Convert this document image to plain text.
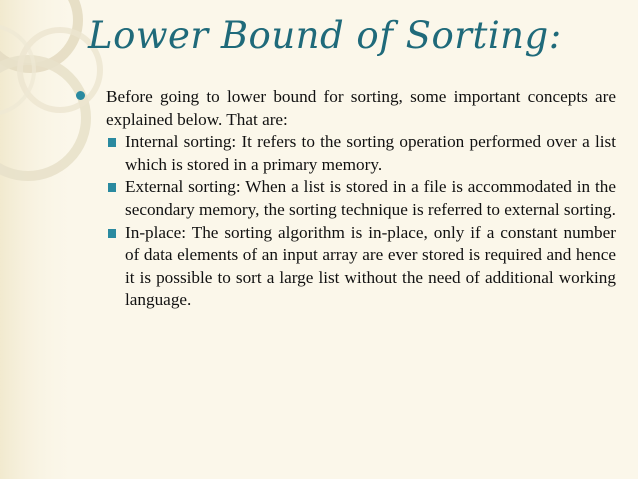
Lower Bound of Sorting:
Before going to lower bound for sorting, some important concepts are explained below. That are:
Internal sorting: It refers to the sorting operation performed over a list which is stored in a primary memory.
External sorting: When a list is stored in a file is accommodated in the secondary memory, the sorting technique is referred to external sorting.
In-place: The sorting algorithm is in-place, only if a constant number of data elements of an input array are ever stored is required and hence it is possible to sort a large list without the need of additional working language.
